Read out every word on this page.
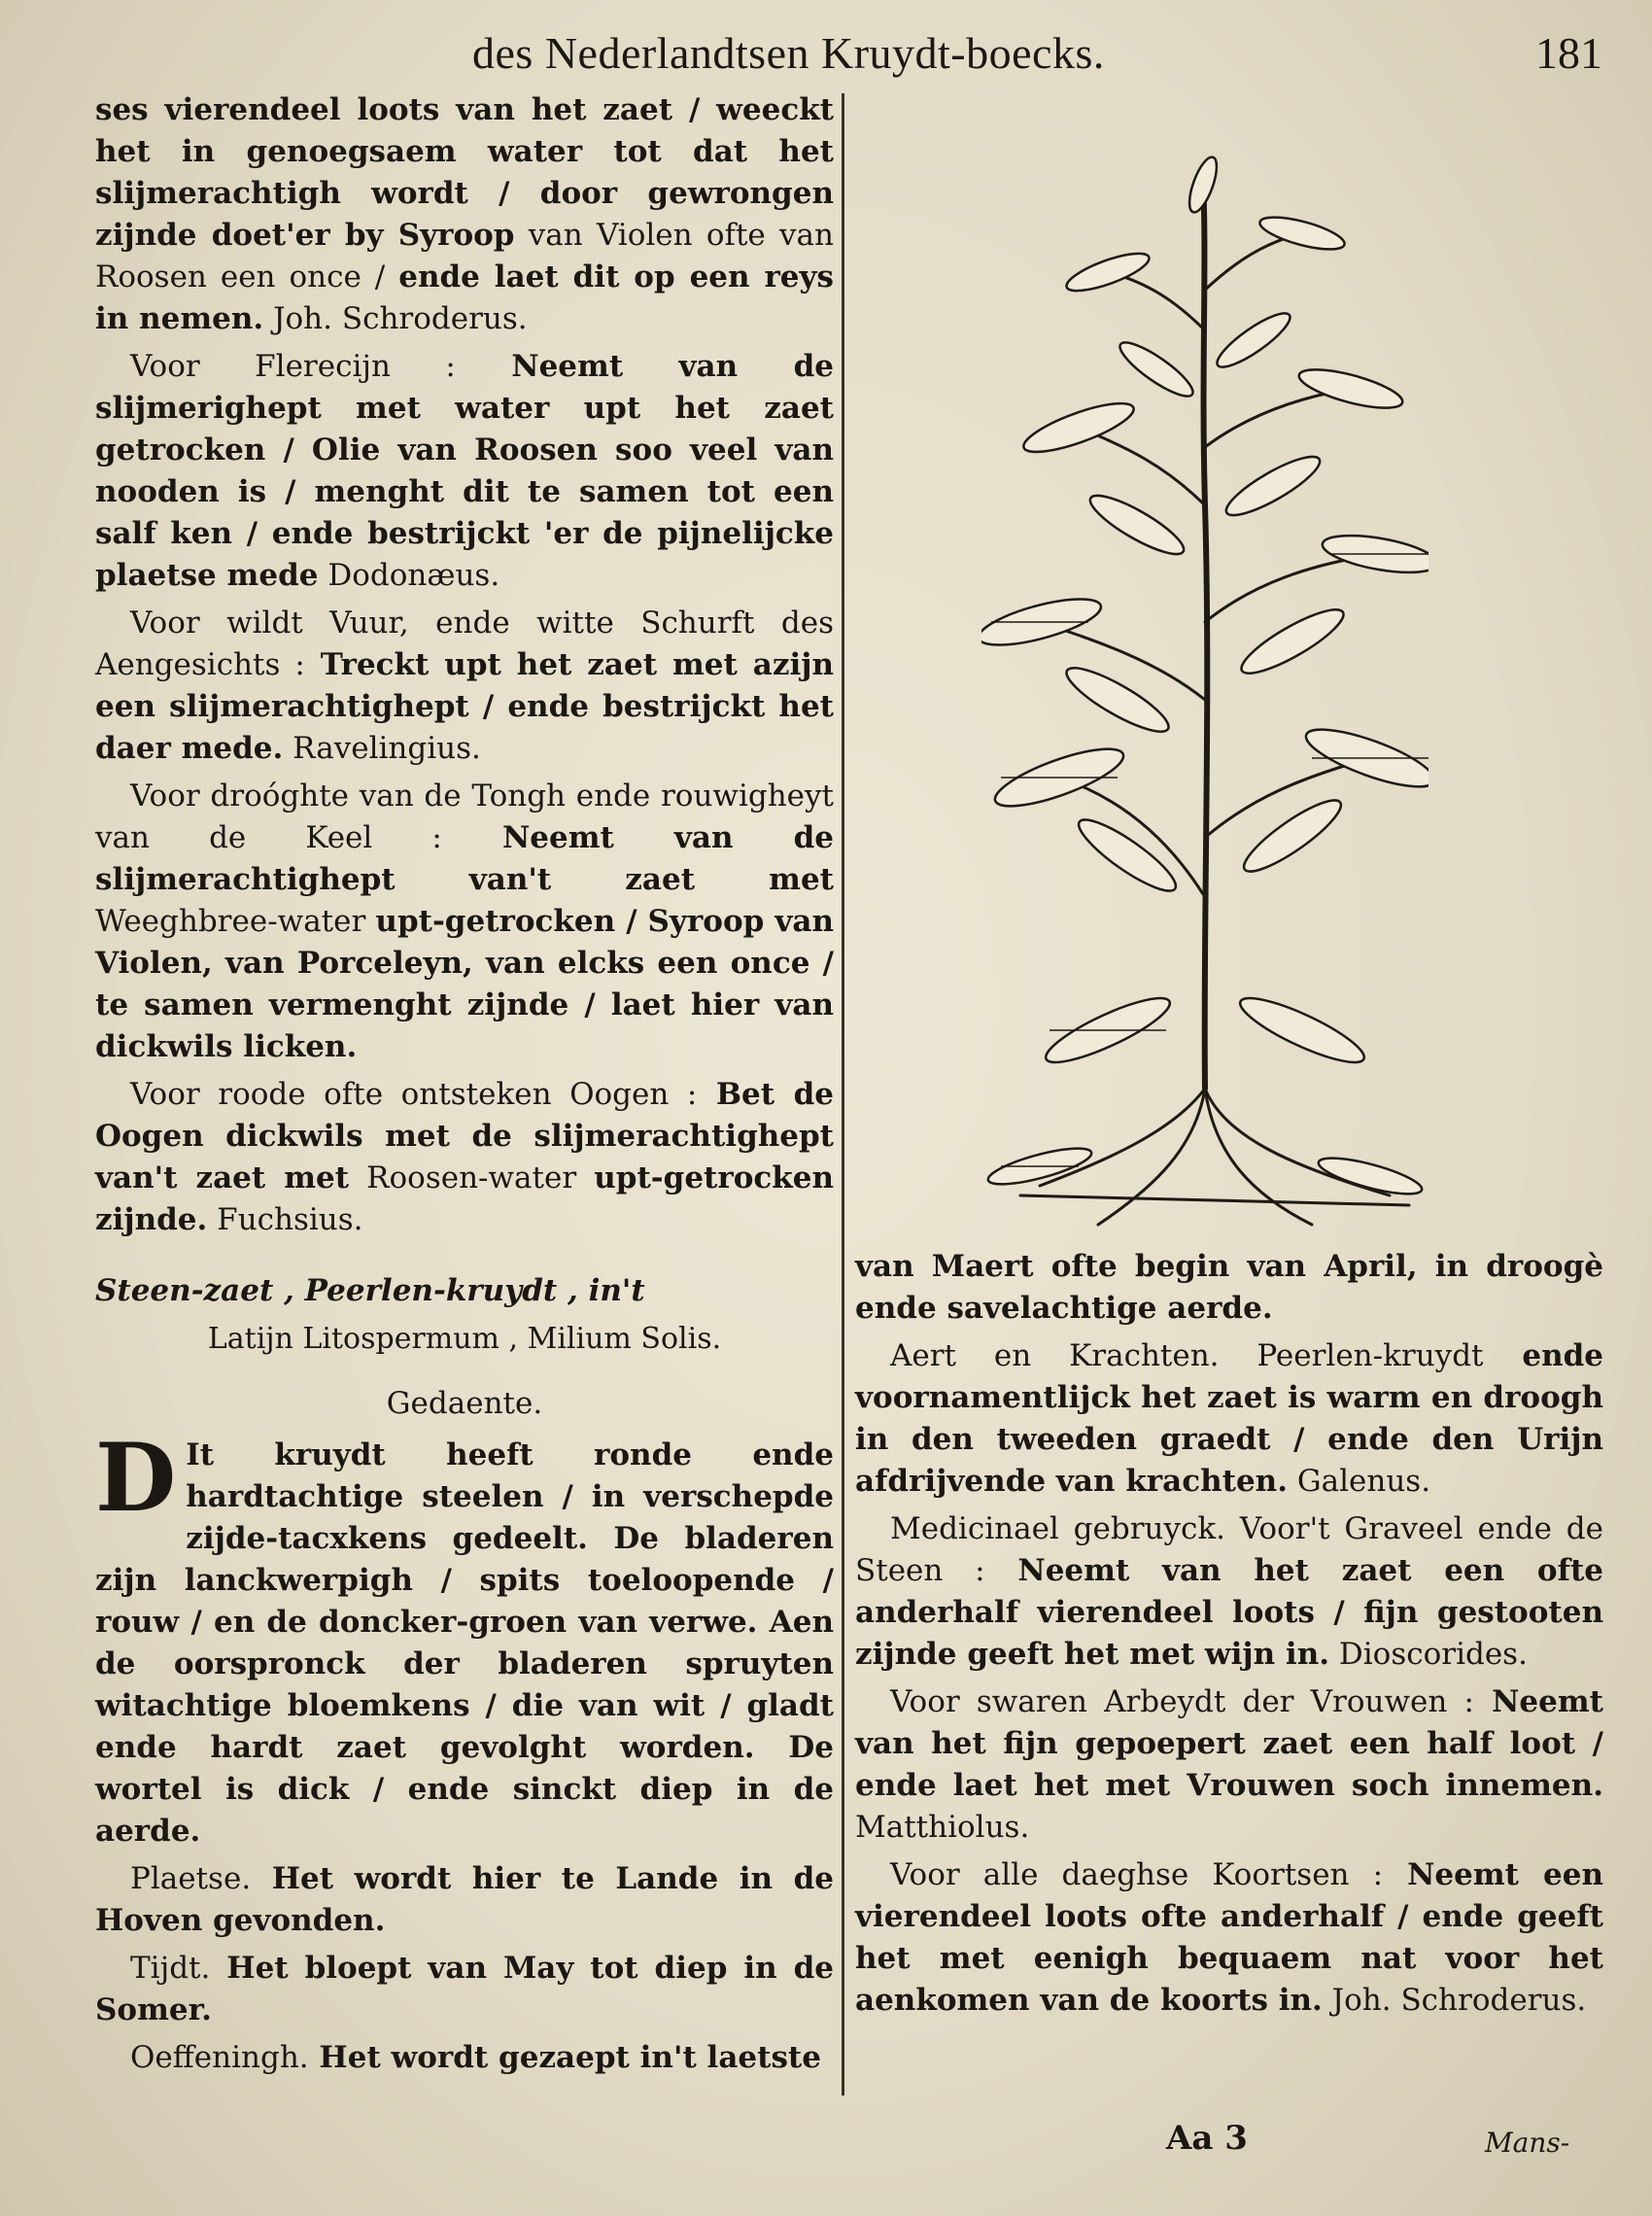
des Nederlandtsen Kruydt-boecks.	181

ses vierendeel loots van het zaet / weeckt het in genoegsaem water tot dat het slijmerachtigh wordt / door gewrongen zijnde doet'er by Syroop van Violen ofte van Roosen een once / ende laet dit op een reys in nemen. Joh. Schroderus.

Voor Flerecijn : Neemt van de slijmerighept met water upt het zaet getrocken / Olie van Roosen soo veel van nooden is / menght dit te samen tot een salf ken / ende bestrijckt 'er de pijnelijcke plaetse mede Dodonæus.

Voor wildt Vuur, ende witte Schurft des Aengesichts : Treckt upt het zaet met azijn een slijmerachtighept / ende bestrijckt het daer mede. Ravelingius.

Voor droóghte van de Tongh ende rouwigheyt van de Keel : Neemt van de slijmerachtighept van't zaet met Weeghbree-water upt-getrocken / Syroop van Violen, van Porceleyn, van elcks een once / te samen vermenght zijnde / laet hier van dickwils licken.

Voor roode ofte ontsteken Oogen : Bet de Oogen dickwils met de slijmerachtighept van't zaet met Roosen-water upt-getrocken zijnde. Fuchsius.

Steen-zaet , Peerlen-kruydt , in't

Latijn Litospermum , Milium Solis.

Gedaente.

D It kruydt heeft ronde ende hardtachtige steelen / in verschepde zijde-tacxkens gedeelt. De bladeren zijn lanckwerpigh / spits toeloopende / rouw / en de doncker-groen van verwe. Aen de oorspronck der bladeren spruyten witachtige bloemkens / die van wit / gladt ende hardt zaet gevolght worden. De wortel is dick / ende sinckt diep in de aerde.

Plaetse. Het wordt hier te Lande in de Hoven gevonden.

Tijdt. Het bloept van May tot diep in de Somer.

Oeffeningh. Het wordt gezaept in't laetste

van Maert ofte begin van April, in droogè ende savelachtige aerde.

Aert en Krachten. Peerlen-kruydt ende voornamentlijck het zaet is warm en droogh in den tweeden graedt / ende den Urijn afdrijvende van krachten. Galenus.

Medicinael gebruyck. Voor't Graveel ende de Steen : Neemt van het zaet een ofte anderhalf vierendeel loots / fijn gestooten zijnde geeft het met wijn in. Dioscorides.

Voor swaren Arbeydt der Vrouwen : Neemt van het fijn gepoepert zaet een half loot / ende laet het met Vrouwen soch innemen. Matthiolus.

Voor alle daeghse Koortsen : Neemt een vierendeel loots ofte anderhalf / ende geeft het met eenigh bequaem nat voor het aenkomen van de koorts in. Joh. Schroderus.

Aa 3	Mans-
